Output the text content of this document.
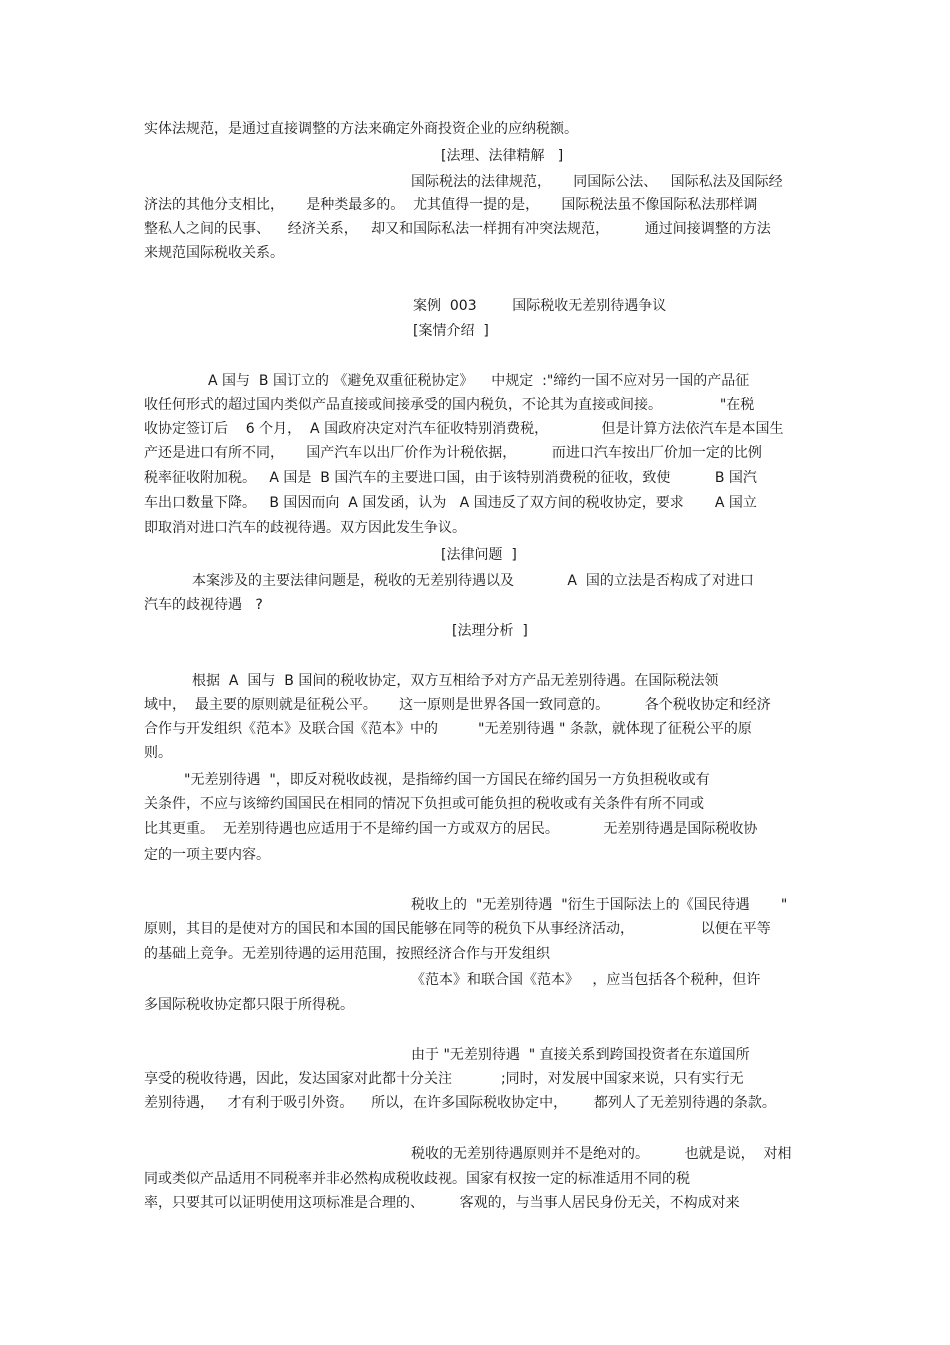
实体法规范，是通过直接调整的方法来确定外商投资企业的应纳税额。
[法理、法律精解   ]
国际税法的法律规范，     同国际公法、   国际私法及国际经
济法的其他分支相比，     是种类最多的。  尤其值得一提的是，     国际税法虽不像国际私法那样调
整私人之间的民事、    经济关系，   却又和国际私法一样拥有冲突法规范，        通过间接调整的方法
来规范国际税收关系。
案例  003        国际税收无差别待遇争议
[案情介绍  ]
A 国与  B 国订立的 《避免双重征税协定》    中规定  :"缔约一国不应对另一国的产品征
收任何形式的超过国内类似产品直接或间接承受的国内税负，不论其为直接或间接。             "在税
收协定签订后    6 个月，  A 国政府决定对汽车征收特别消费税，            但是计算方法依汽车是本国生
产还是进口有所不同，     国产汽车以出厂价作为计税依据，        而进口汽车按出厂价加一定的比例
税率征收附加税。   A 国是  B 国汽车的主要进口国，由于该特别消费税的征收，致使          B 国汽
车出口数量下降。   B 国因而向  A 国发函，认为   A 国违反了双方间的税收协定，要求       A 国立
即取消对进口汽车的歧视待遇。双方因此发生争议。
[法律问题  ]
本案涉及的主要法律问题是，税收的无差别待遇以及            A  国的立法是否构成了对进口
汽车的歧视待遇   ?
[法理分析  ]
根据  A  国与  B 国间的税收协定，双方互相给予对方产品无差别待遇。在国际税法领
域中，  最主要的原则就是征税公平。     这一原则是世界各国一致同意的。        各个税收协定和经济
合作与开发组织《范本》及联合国《范本》中的         "无差别待遇 " 条款，就体现了征税公平的原
则。
"无差别待遇  "，即反对税收歧视，是指缔约国一方国民在缔约国另一方负担税收或有
关条件，不应与该缔约国国民在相同的情况下负担或可能负担的税收或有关条件有所不同或
比其更重。  无差别待遇也应适用于不是缔约国一方或双方的居民。          无差别待遇是国际税收协
定的一项主要内容。
税收上的  "无差别待遇  "衍生于国际法上的《国民待遇       "
原则，其目的是使对方的国民和本国的国民能够在同等的税负下从事经济活动，               以便在平等
的基础上竞争。无差别待遇的运用范围，按照经济合作与开发组织
《范本》和联合国《范本》   ，应当包括各个税种，但许
多国际税收协定都只限于所得税。
由于 "无差别待遇  " 直接关系到跨国投资者在东道国所
享受的税收待遇，因此，发达国家对此都十分关注           ;同时，对发展中国家来说，只有实行无
差别待遇，   才有利于吸引外资。    所以，在许多国际税收协定中，      都列人了无差别待遇的条款。
税收的无差别待遇原则并不是绝对的。        也就是说，  对相
同或类似产品适用不同税率并非必然构成税收歧视。国家有权按一定的标准适用不同的税
率，只要其可以证明使用这项标准是合理的、        客观的，与当事人居民身份无关，不构成对来
